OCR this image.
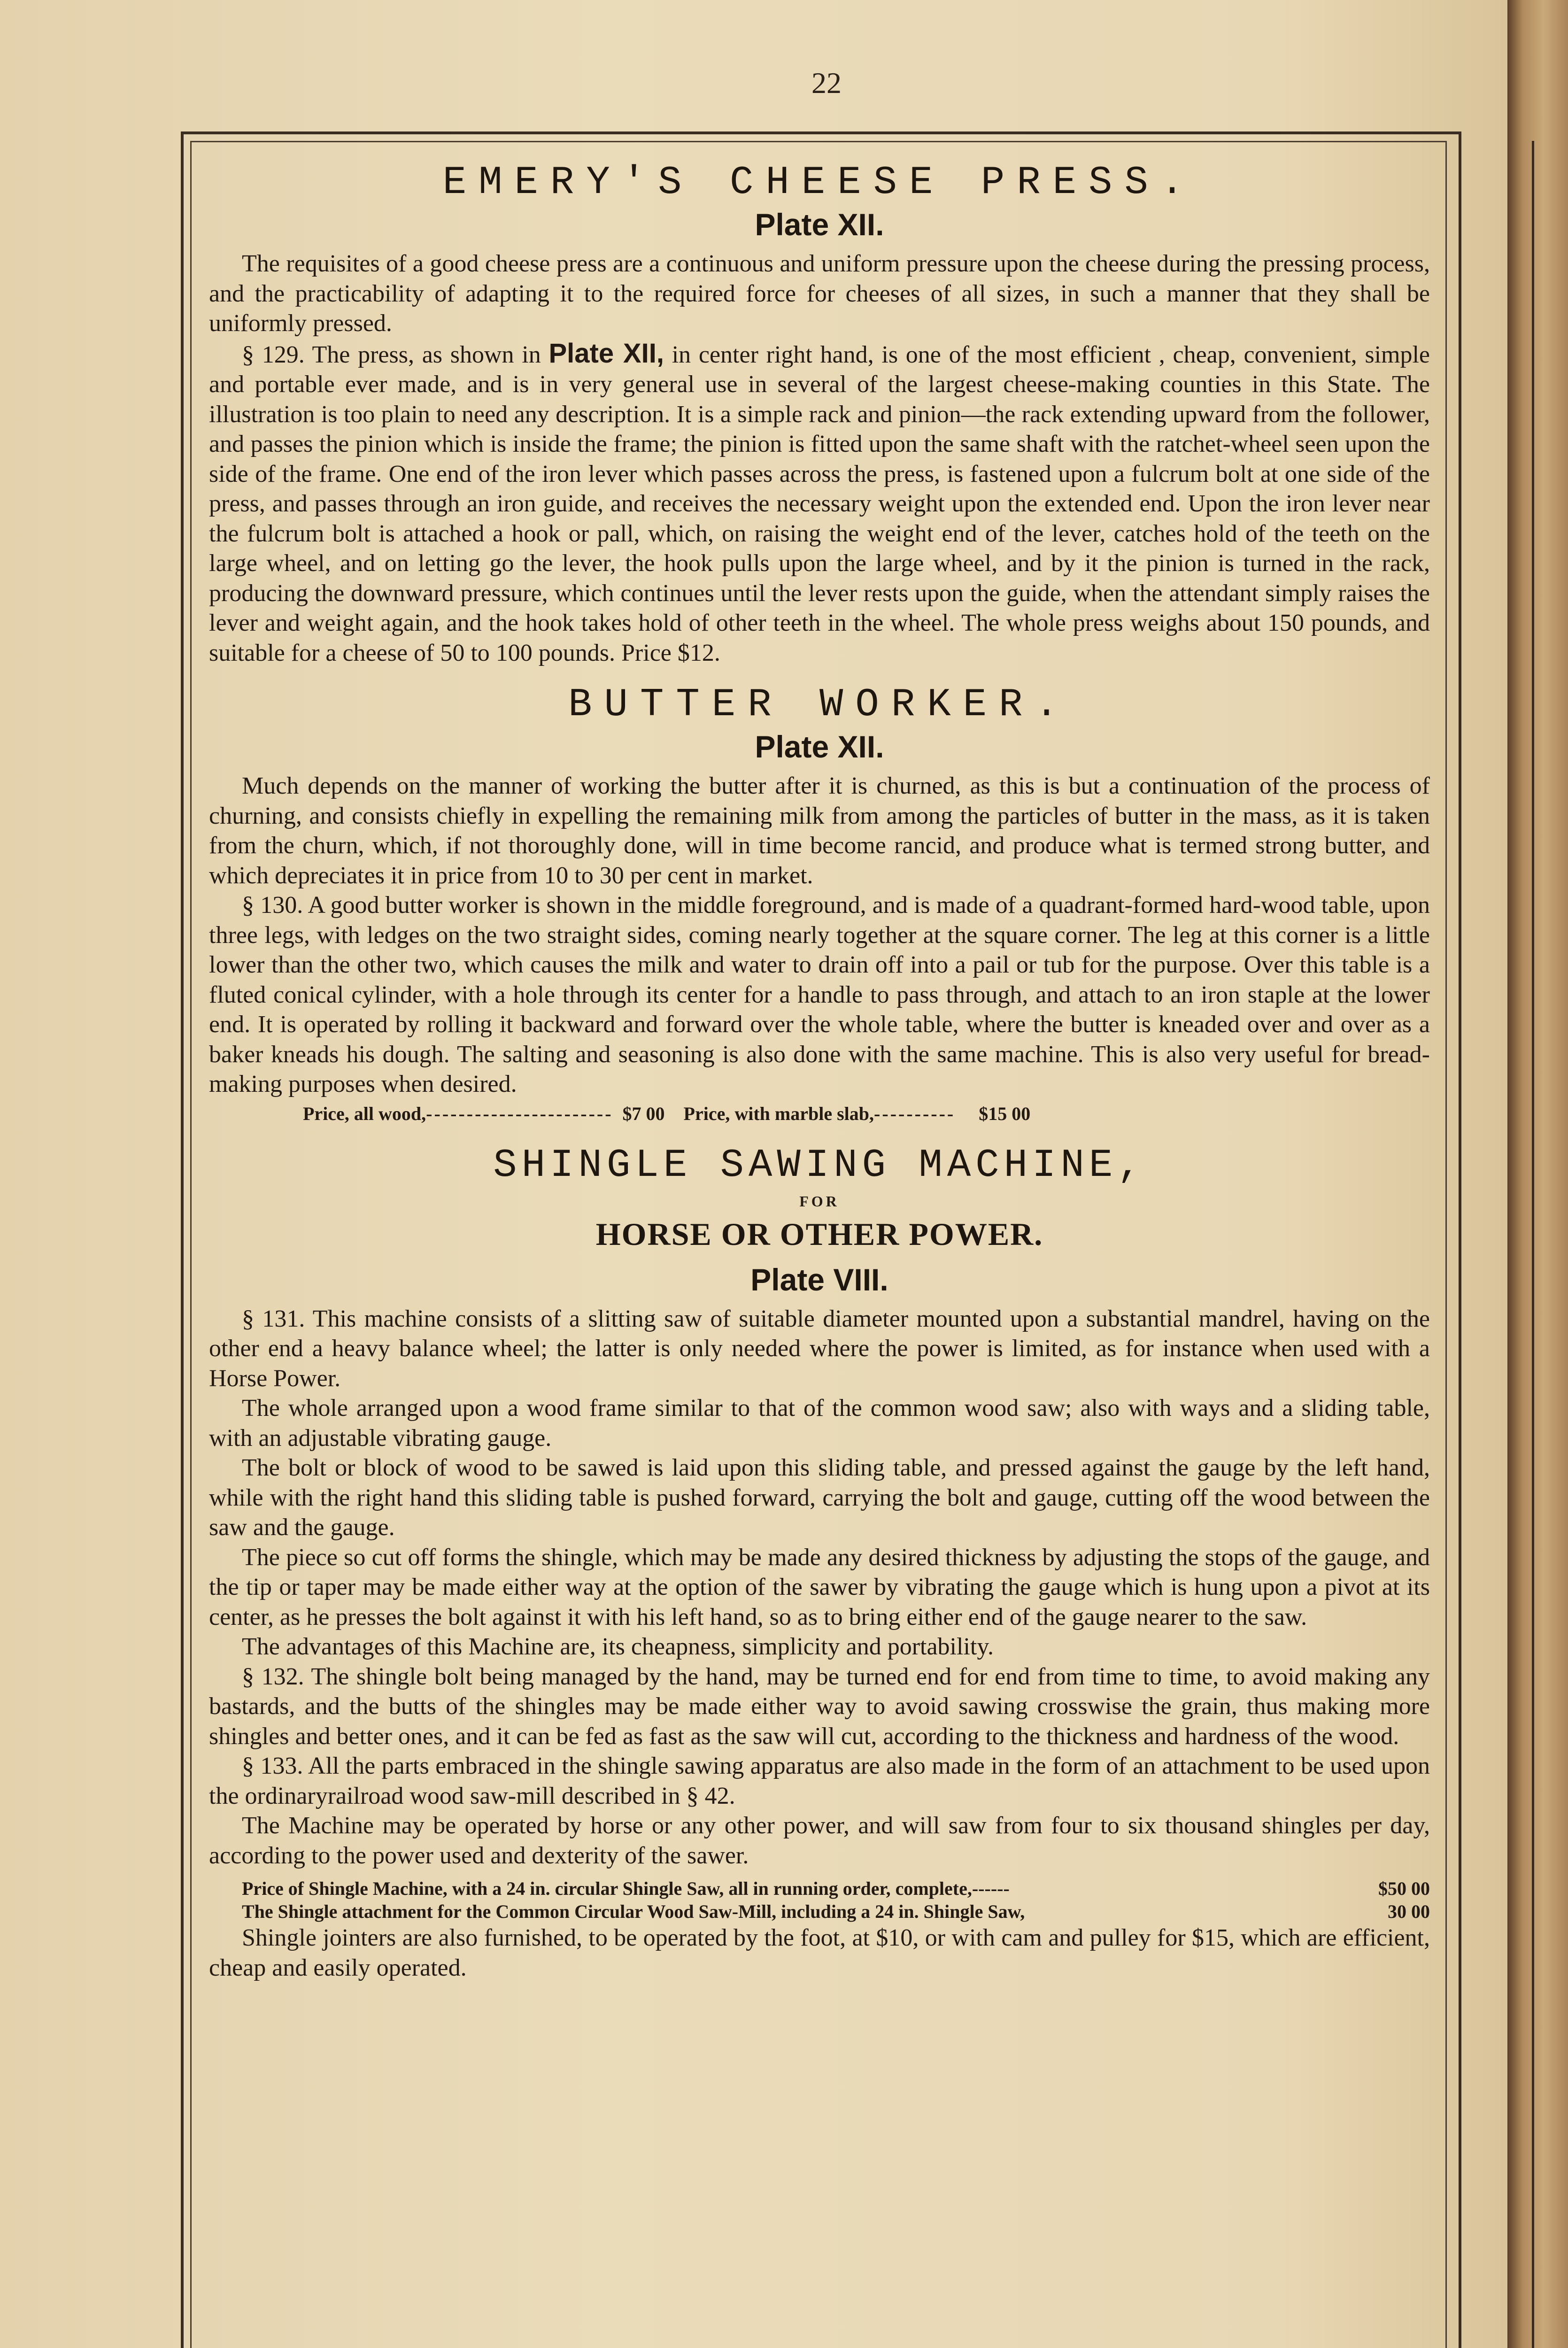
22
EMERY'S CHEESE PRESS.
Plate XII.

The requisites of a good cheese press are a continuous and uniform pressure upon the cheese during the pressing process, and the practicability of adapting it to the required force for cheeses of all sizes, in such a manner that they shall be uniformly pressed.

§ 129. The press, as shown in Plate XII, in center right hand, is one of the most efficient , cheap, convenient, simple and portable ever made, and is in very general use in several of the largest cheese-making counties in this State. The illustration is too plain to need any description. It is a simple rack and pinion—the rack extending upward from the follower, and passes the pinion which is inside the frame; the pinion is fitted upon the same shaft with the ratchet-wheel seen upon the side of the frame. One end of the iron lever which passes across the press, is fastened upon a fulcrum bolt at one side of the press, and passes through an iron guide, and receives the necessary weight upon the extended end. Upon the iron lever near the fulcrum bolt is attached a hook or pall, which, on raising the weight end of the lever, catches hold of the teeth on the large wheel, and on letting go the lever, the hook pulls upon the large wheel, and by it the pinion is turned in the rack, producing the downward pressure, which continues until the lever rests upon the guide, when the attendant simply raises the lever and weight again, and the hook takes hold of other teeth in the wheel. The whole press weighs about 150 pounds, and suitable for a cheese of 50 to 100 pounds. Price $12.

BUTTER WORKER.
Plate XII.

Much depends on the manner of working the butter after it is churned, as this is but a continuation of the process of churning, and consists chiefly in expelling the remaining milk from among the particles of butter in the mass, as it is taken from the churn, which, if not thoroughly done, will in time become rancid, and produce what is termed strong butter, and which depreciates it in price from 10 to 30 per cent in market.

§ 130. A good butter worker is shown in the middle foreground, and is made of a quadrant-formed hard-wood table, upon three legs, with ledges on the two straight sides, coming nearly together at the square corner. The leg at this corner is a little lower than the other two, which causes the milk and water to drain off into a pail or tub for the purpose. Over this table is a fluted conical cylinder, with a hole through its center for a handle to pass through, and attach to an iron staple at the lower end. It is operated by rolling it backward and forward over the whole table, where the butter is kneaded over and over as a baker kneads his dough. The salting and seasoning is also done with the same machine. This is also very useful for bread-making purposes when desired.

Price, all wood, ----------------------- $7 00 Price, with marble slab, ---------- $15 00
SHINGLE SAWING MACHINE,
FOR
HORSE OR OTHER POWER.
Plate VIII.

§ 131. This machine consists of a slitting saw of suitable diameter mounted upon a substantial mandrel, having on the other end a heavy balance wheel; the latter is only needed where the power is limited, as for instance when used with a Horse Power.

The whole arranged upon a wood frame similar to that of the common wood saw; also with ways and a sliding table, with an adjustable vibrating gauge.

The bolt or block of wood to be sawed is laid upon this sliding table, and pressed against the gauge by the left hand, while with the right hand this sliding table is pushed forward, carrying the bolt and gauge, cutting off the wood between the saw and the gauge.

The piece so cut off forms the shingle, which may be made any desired thickness by adjusting the stops of the gauge, and the tip or taper may be made either way at the option of the sawer by vibrating the gauge which is hung upon a pivot at its center, as he presses the bolt against it with his left hand, so as to bring either end of the gauge nearer to the saw.

The advantages of this Machine are, its cheapness, simplicity and portability.

§ 132. The shingle bolt being managed by the hand, may be turned end for end from time to time, to avoid making any bastards, and the butts of the shingles may be made either way to avoid sawing crosswise the grain, thus making more shingles and better ones, and it can be fed as fast as the saw will cut, according to the thickness and hardness of the wood.

§ 133. All the parts embraced in the shingle sawing apparatus are also made in the form of an attachment to be used upon the ordinaryrailroad wood saw-mill described in § 42.

The Machine may be operated by horse or any other power, and will saw from four to six thousand shingles per day, according to the power used and dexterity of the sawer.

Price of Shingle Machine, with a 24 in. circular Shingle Saw, all in running order, complete,------	$50 00
The Shingle attachment for the Common Circular Wood Saw-Mill, including a 24 in. Shingle Saw,	30 00

Shingle jointers are also furnished, to be operated by the foot, at $10, or with cam and pulley for $15, which are efficient, cheap and easily operated.
